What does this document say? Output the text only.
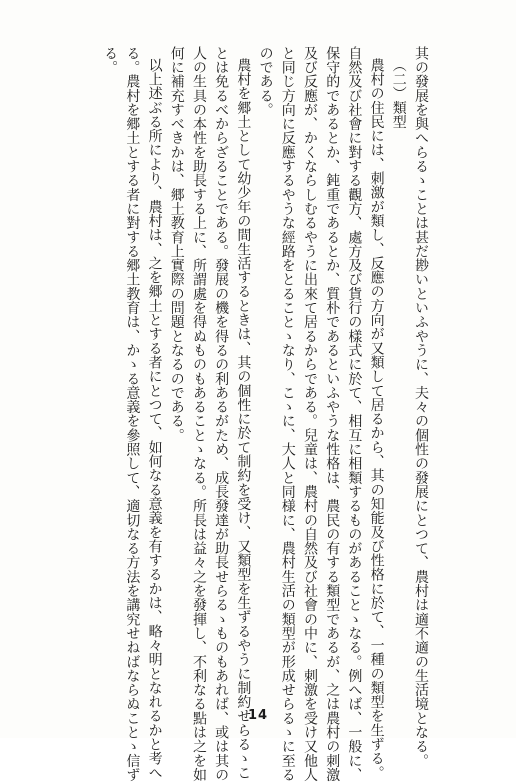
其の發展を與へらるゝことは甚だ尠いといふやうに、夫々の個性の發展にとつて、農村は適不適の生活境となる。

（二）類型

農村の住民には、刺激が類し、反應の方向が又類して居るから、其の知能及び性格に於て、一種の類型を生ずる。

自然及び社會に對する觀方、處方及び貨行の樣式に於て、相互に相類するものがあることゝなる。例へば、一般に、

保守的であるとか、鈍重であるとか、質朴であるといふやうな性格は、農民の有する類型であるが、之は農村の刺激

及び反應が、かくならしむるやうに出來て居るからである。兒童は、農村の自然及び社會の中に、刺激を受け又他人

と同じ方向に反應するやうな經路をとることゝなり、こゝに、大人と同様に、農村生活の類型が形成せらるゝに至る

のである。

農村を郷土として幼少年の間生活するときは、其の個性に於て制約を受け、又類型を生ずるやうに制約せらるゝこ

とは免るべからざることである。發展の機を得るの利あるがため、成長發達が助長せらるゝものもあれば、或は其の

人の生具の本性を助長する上に、所謂處を得ぬものもあることゝなる。所長は益々之を發揮し、不利なる點は之を如

何に補充すべきかは、郷土教育上實際の問題となるのである。

以上述ぶる所により、農村は、之を郷土とする者にとつて、如何なる意義を有するかは、略々明となれるかと考へ

る。農村を郷土とする者に對する郷土教育は、かゝる意義を參照して、適切なる方法を講究せねばならぬことゝ信ず

る。

14
